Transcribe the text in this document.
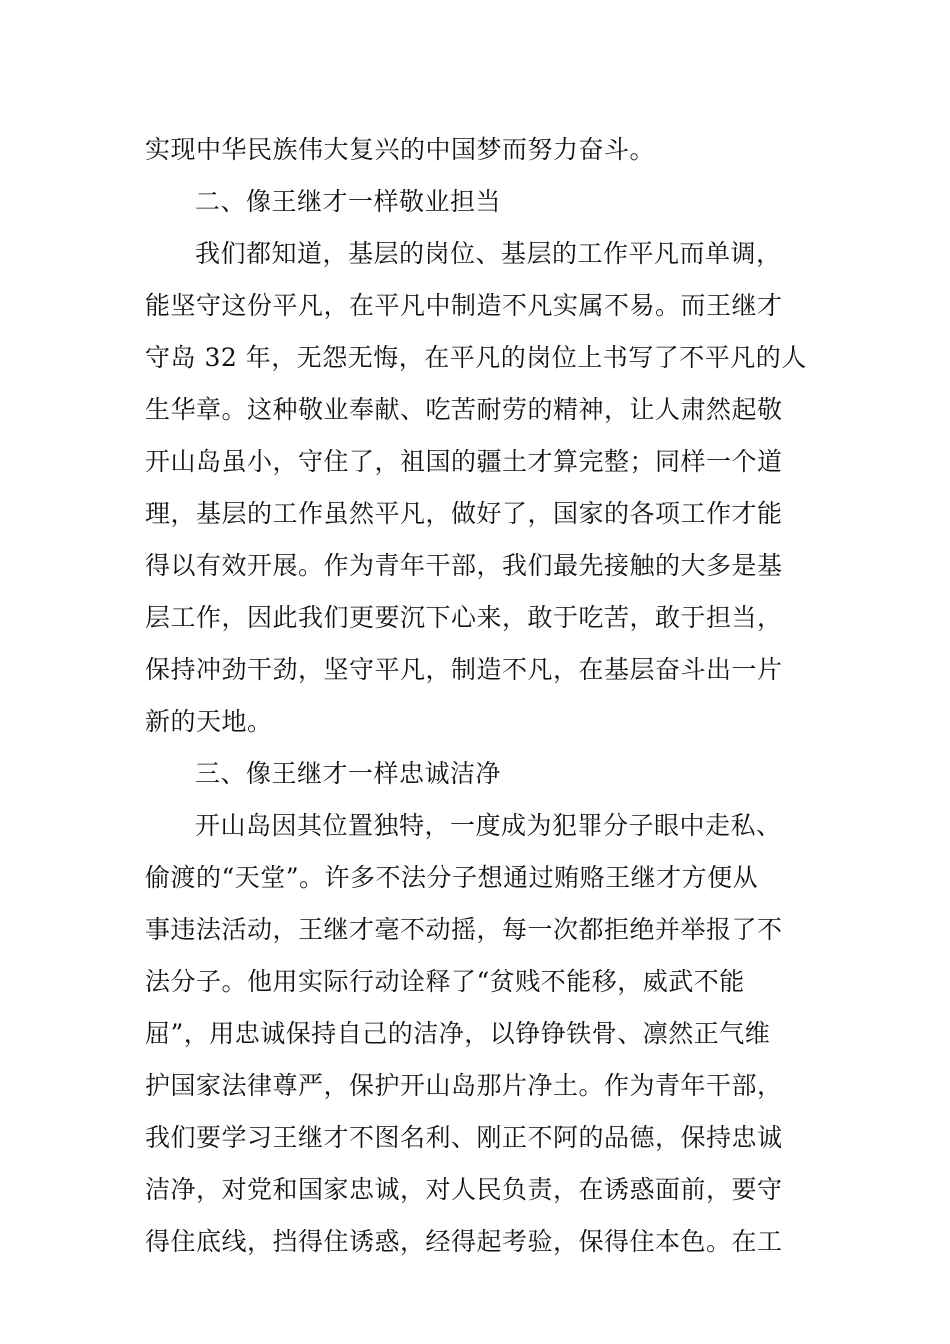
实现中华民族伟大复兴的中国梦而努力奋斗。
二、像王继才一样敬业担当
我们都知道，基层的岗位、基层的工作平凡而单调，
能坚守这份平凡，在平凡中制造不凡实属不易。而王继才
守岛 32 年，无怨无悔，在平凡的岗位上书写了不平凡的人
生华章。这种敬业奉献、吃苦耐劳的精神，让人肃然起敬
开山岛虽小，守住了，祖国的疆土才算完整；同样一个道
理，基层的工作虽然平凡，做好了，国家的各项工作才能
得以有效开展。作为青年干部，我们最先接触的大多是基
层工作，因此我们更要沉下心来，敢于吃苦，敢于担当，
保持冲劲干劲，坚守平凡，制造不凡，在基层奋斗出一片
新的天地。
三、像王继才一样忠诚洁净
开山岛因其位置独特，一度成为犯罪分子眼中走私、
偷渡的“天堂”。许多不法分子想通过贿赂王继才方便从
事违法活动，王继才毫不动摇，每一次都拒绝并举报了不
法分子。他用实际行动诠释了“贫贱不能移，威武不能
屈”，用忠诚保持自己的洁净，以铮铮铁骨、凛然正气维
护国家法律尊严，保护开山岛那片净土。作为青年干部，
我们要学习王继才不图名利、刚正不阿的品德，保持忠诚
洁净，对党和国家忠诚，对人民负责，在诱惑面前，要守
得住底线，挡得住诱惑，经得起考验，保得住本色。在工
